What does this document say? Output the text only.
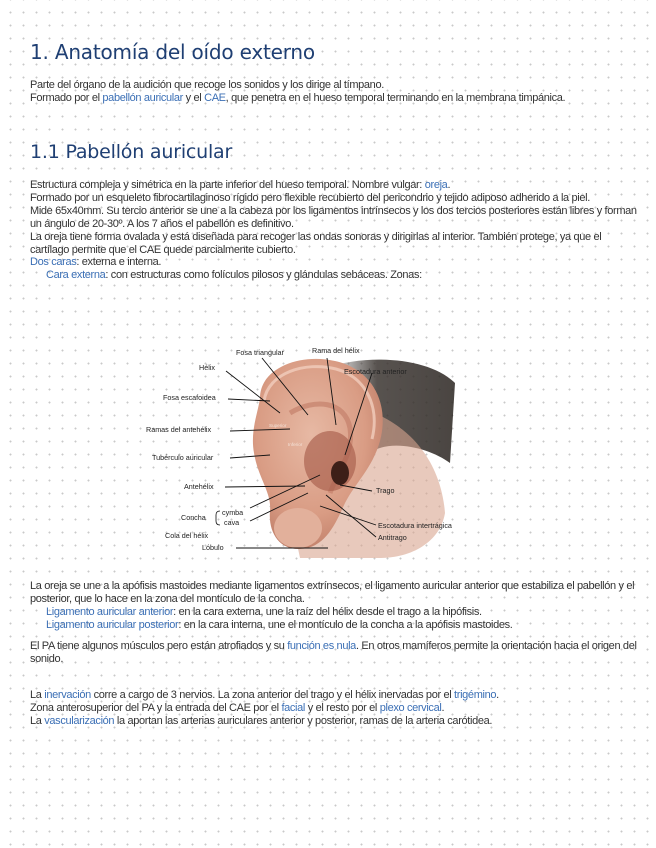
1. Anatomía del oído externo

Parte del órgano de la audición que recoge los sonidos y los dirige al tímpano.

Formado por el pabellón auricular y el CAE, que penetra en el hueso temporal terminando en la membrana timpánica.

1.1 Pabellón auricular

Estructura compleja y simétrica en la parte inferior del hueso temporal. Nombre vulgar: oreja.

Formado por un esqueleto fibrocartilaginoso rígido pero flexible recubierto del pericondrio y tejido adiposo adherido a la piel.

Mide 65x40mm. Su tercio anterior se une a la cabeza por los ligamentos intrínsecos y los dos tercios posteriores están libres y forman un ángulo de 20-30º. A los 7 años el pabellón es definitivo.

La oreja tiene forma ovalada y está diseñada para recoger las ondas sonoras y dirigirlas al interior. También protege, ya que el cartílago permite que el CAE quede parcialmente cubierto.

Dos caras: externa e interna.

Cara externa: con estructuras como folículos pilosos y glándulas sebáceas. Zonas:

Superior
Inferior
Fosa triangular	Rama del hélix
Hélix	Escotadura anterior
Fosa escafoidea
Ramas del antehélix
Tubérculo auricular
Antehélix	Trago
Concha
cymba
cava
Cola del hélix
Escotadura intertrágica
Antitrago
Lóbulo

La oreja se une a la apófisis mastoides mediante ligamentos extrínsecos, el ligamento auricular anterior que estabiliza el pabellón y el posterior, que lo hace en la zona del montículo de la concha.

Ligamento auricular anterior: en la cara externa, une la raíz del hélix desde el trago a la hipófisis.

Ligamento auricular posterior: en la cara interna, une el montículo de la concha a la apófisis mastoides.

El PA tiene algunos músculos pero están atrofiados y su función es nula. En otros mamíferos permite la orientación hacia el origen del sonido.

La inervación corre a cargo de 3 nervios. La zona anterior del trago y el hélix inervadas por el trigémino.

Zona anterosuperior del PA y la entrada del CAE por el facial y el resto por el plexo cervical.

La vascularización la aportan las arterias auriculares anterior y posterior, ramas de la arteria carótidea.
